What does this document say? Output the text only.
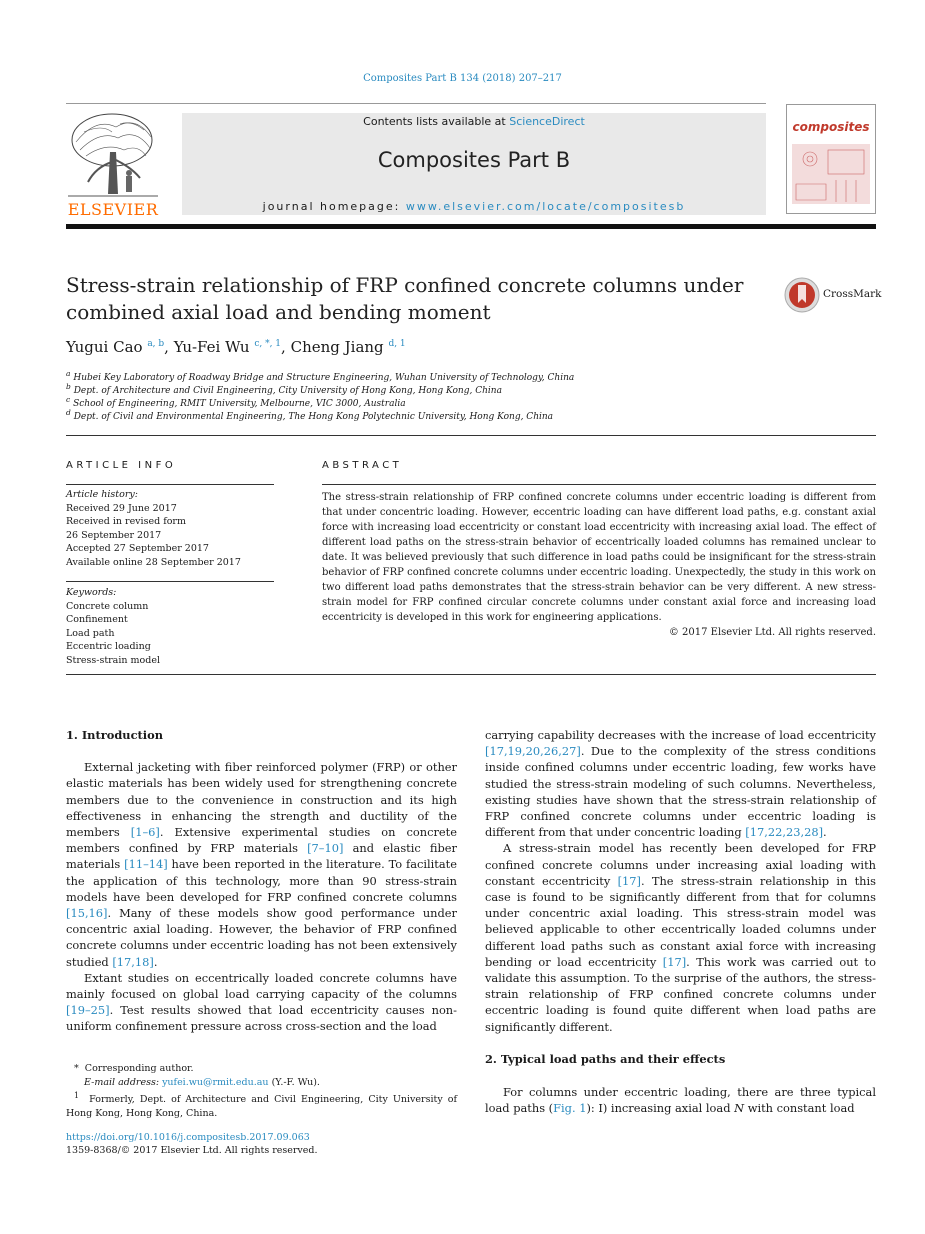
Composites Part B 134 (2018) 207–217
ELSEVIER
Contents lists available at ScienceDirect
Composites Part B
journal homepage: www.elsevier.com/locate/compositesb
composites
Stress-strain relationship of FRP confined concrete columns under
combined axial load and bending moment
CrossMark
Yugui Cao $^{a, b}$, Yu-Fei Wu $^{c, *, 1}$, Cheng Jiang $^{d, 1}$
$^a$ Hubei Key Laboratory of Roadway Bridge and Structure Engineering, Wuhan University of Technology, China
$^b$ Dept. of Architecture and Civil Engineering, City University of Hong Kong, Hong Kong, China
$^c$ School of Engineering, RMIT University, Melbourne, VIC 3000, Australia
$^d$ Dept. of Civil and Environmental Engineering, The Hong Kong Polytechnic University, Hong Kong, China
ARTICLE INFO
Article history:
Received 29 June 2017
Received in revised form
26 September 2017
Accepted 27 September 2017
Available online 28 September 2017
Keywords:
Concrete column
Confinement
Load path
Eccentric loading
Stress-strain model
ABSTRACT
The stress-strain relationship of FRP confined concrete columns under eccentric loading is different from that under concentric loading. However, eccentric loading can have different load paths, e.g. constant axial force with increasing load eccentricity or constant load eccentricity with increasing axial load. The effect of different load paths on the stress-strain behavior of eccentrically loaded columns has remained unclear to date. It was believed previously that such difference in load paths could be insignificant for the stress-strain behavior of FRP confined concrete columns under eccentric loading. Unexpectedly, the study in this work on two different load paths demonstrates that the stress-strain behavior can be very different. A new stress-strain model for FRP confined circular concrete columns under constant axial force and increasing load eccentricity is developed in this work for engineering applications.
© 2017 Elsevier Ltd. All rights reserved.
1. Introduction

External jacketing with fiber reinforced polymer (FRP) or other elastic materials has been widely used for strengthening concrete members due to the convenience in construction and its high effectiveness in enhancing the strength and ductility of the members [1–6]. Extensive experimental studies on concrete members confined by FRP materials [7–10] and elastic fiber materials [11–14] have been reported in the literature. To facilitate the application of this technology, more than 90 stress-strain models have been developed for FRP confined concrete columns [15,16]. Many of these models show good performance under concentric axial loading. However, the behavior of FRP confined concrete columns under eccentric loading has not been extensively studied [17,18].

Extant studies on eccentrically loaded concrete columns have mainly focused on global load carrying capacity of the columns [19–25]. Test results showed that load eccentricity causes non-uniform confinement pressure across cross-section and the load

carrying capability decreases with the increase of load eccentricity [17,19,20,26,27]. Due to the complexity of the stress conditions inside confined columns under eccentric loading, few works have studied the stress-strain modeling of such columns. Nevertheless, existing studies have shown that the stress-strain relationship of FRP confined concrete columns under eccentric loading is different from that under concentric loading [17,22,23,28].

A stress-strain model has recently been developed for FRP confined concrete columns under increasing axial loading with constant eccentricity [17]. The stress-strain relationship in this case is found to be significantly different from that for columns under concentric axial loading. This stress-strain model was believed applicable to other eccentrically loaded columns under different load paths such as constant axial force with increasing bending or load eccentricity [17]. This work was carried out to validate this assumption. To the surprise of the authors, the stress-strain relationship of FRP confined concrete columns under eccentric loading is found quite different when load paths are significantly different.

2. Typical load paths and their effects

For columns under eccentric loading, there are three typical load paths (Fig. 1): I) increasing axial load N with constant load

* Corresponding author.
E-mail address: yufei.wu@rmit.edu.au (Y.-F. Wu).
$^1$ Formerly, Dept. of Architecture and Civil Engineering, City University of Hong Kong, Hong Kong, China.
https://doi.org/10.1016/j.compositesb.2017.09.063
1359-8368/© 2017 Elsevier Ltd. All rights reserved.
